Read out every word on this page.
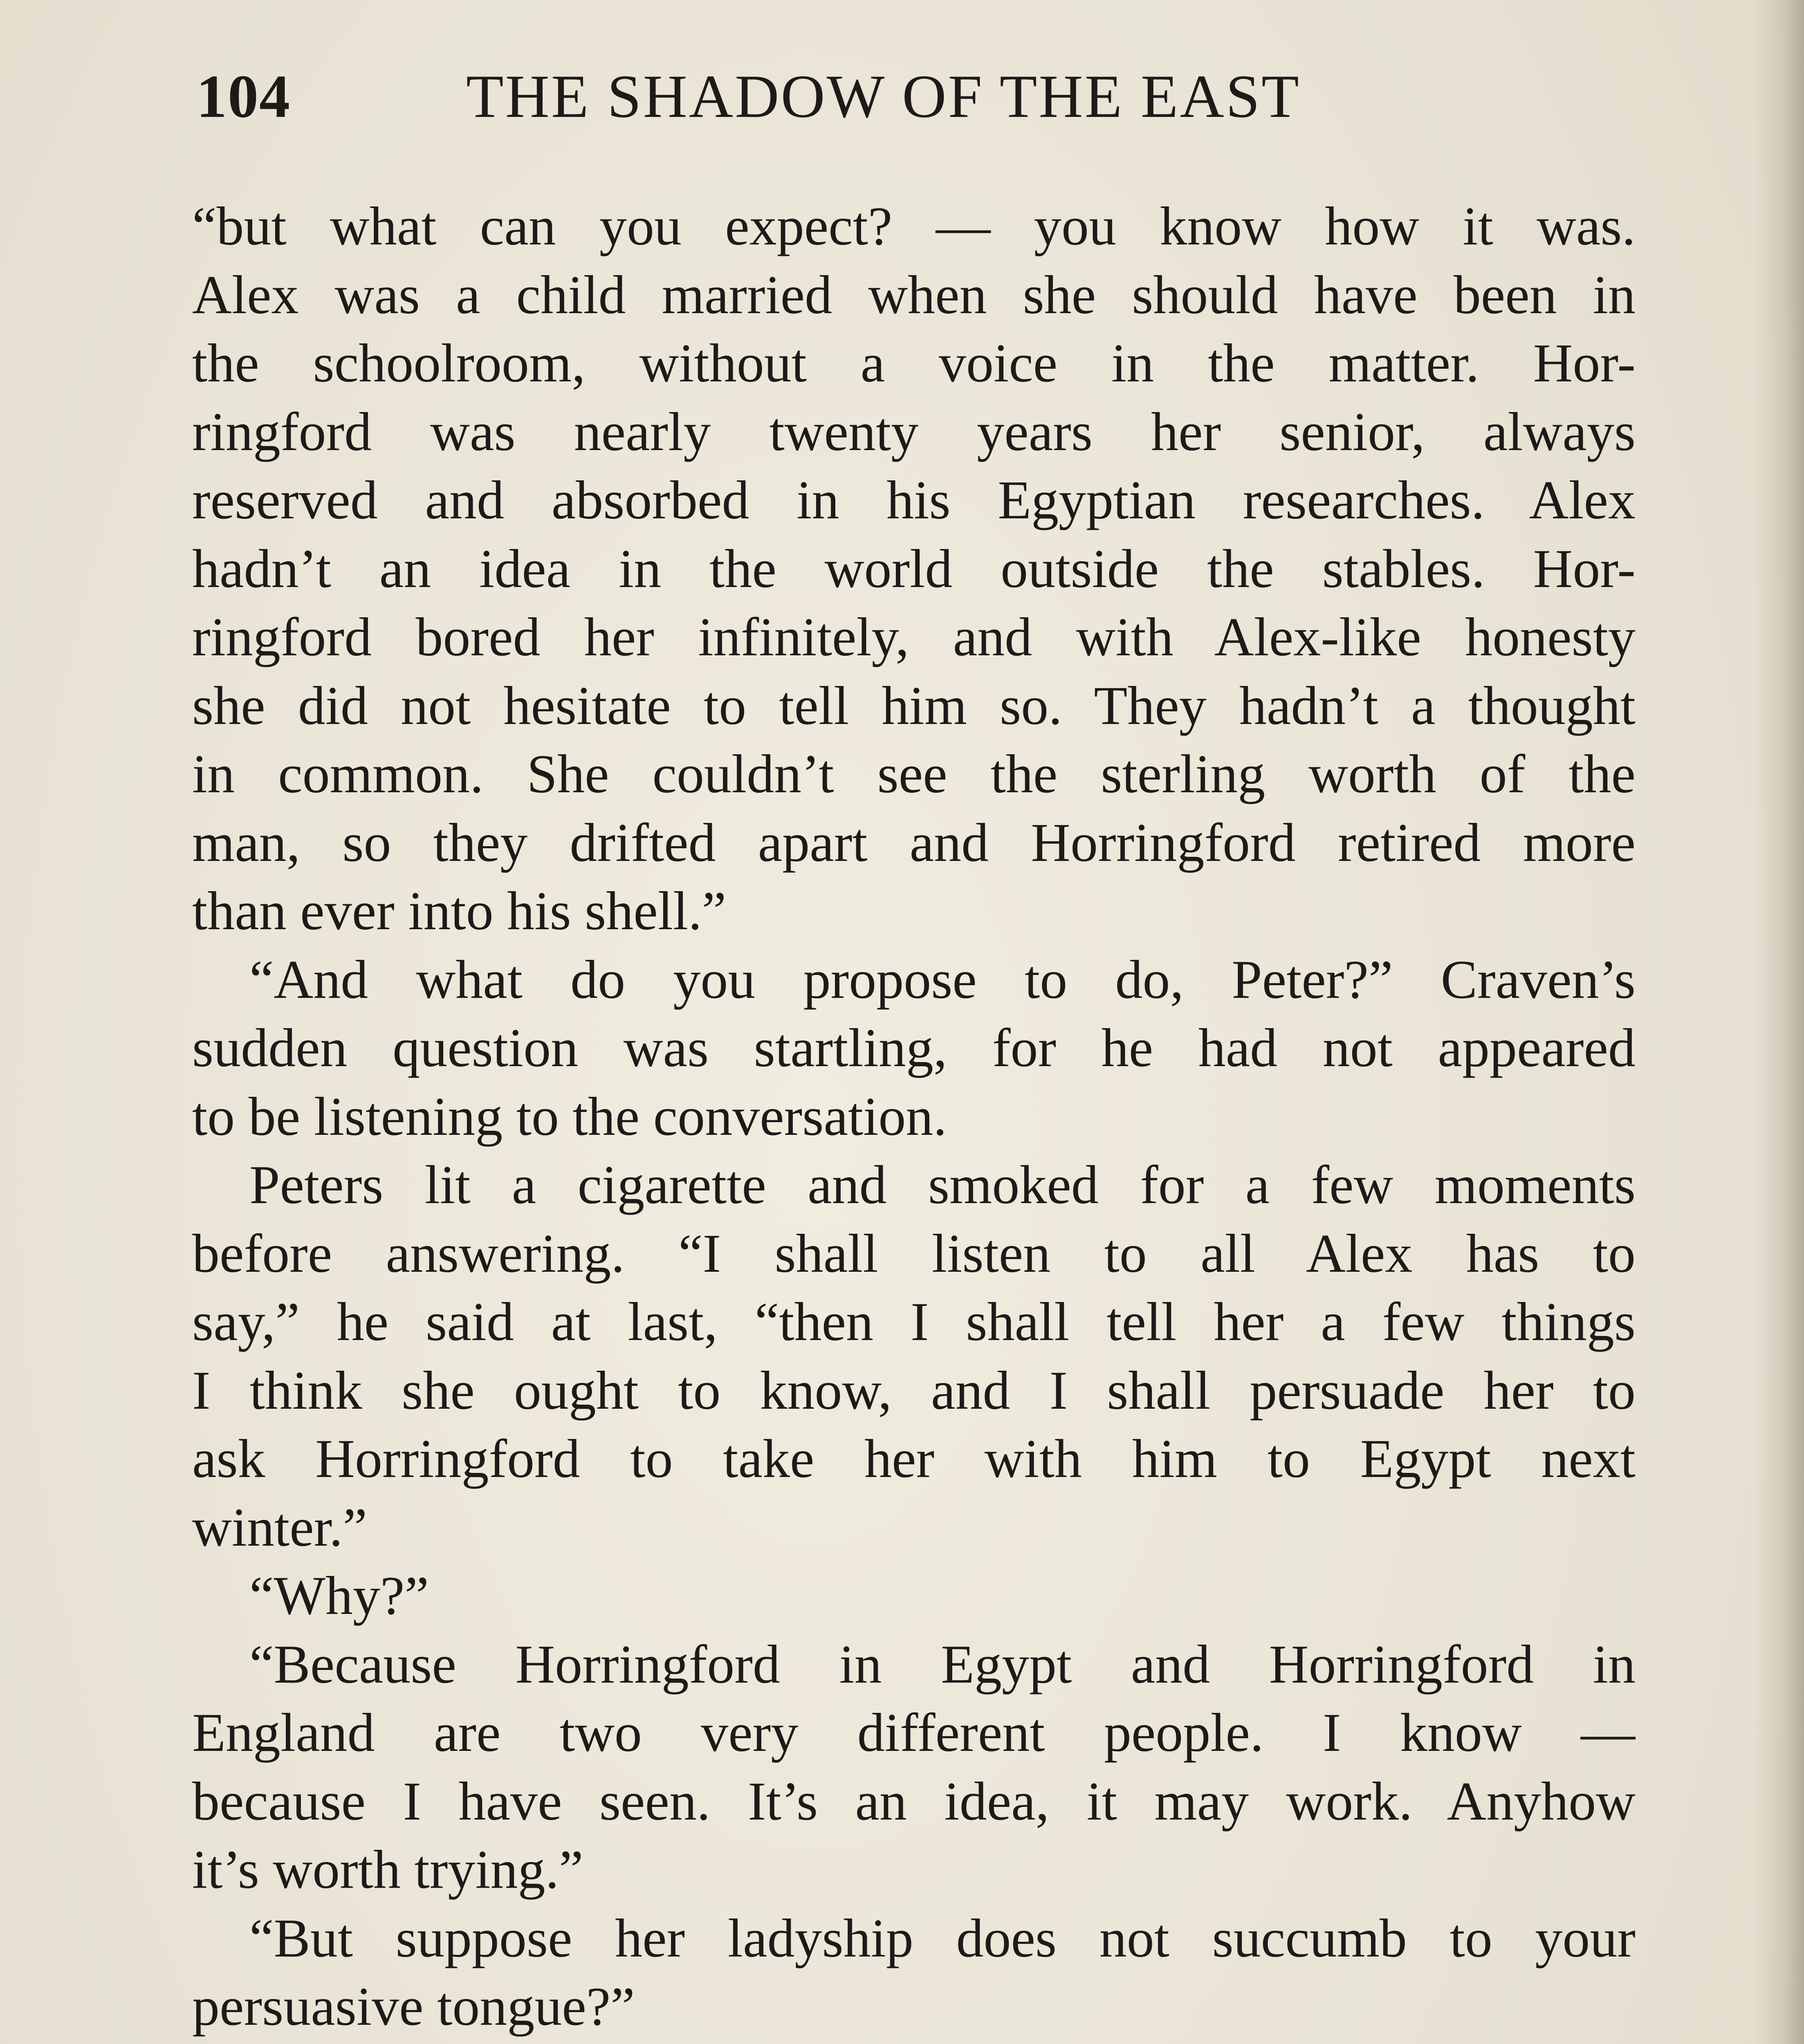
104	THE SHADOW OF THE EAST
“but what can you expect? — you know how it was.
Alex was a child married when she should have been in
the schoolroom, without a voice in the matter. Hor-
ringford was nearly twenty years her senior, always
reserved and absorbed in his Egyptian researches. Alex
hadn’t an idea in the world outside the stables. Hor-
ringford bored her infinitely, and with Alex-like honesty
she did not hesitate to tell him so. They hadn’t a thought
in common. She couldn’t see the sterling worth of the
man, so they drifted apart and Horringford retired more
than ever into his shell.”
“And what do you propose to do, Peter?” Craven’s
sudden question was startling, for he had not appeared
to be listening to the conversation.
Peters lit a cigarette and smoked for a few moments
before answering. “I shall listen to all Alex has to
say,” he said at last, “then I shall tell her a few things
I think she ought to know, and I shall persuade her to
ask Horringford to take her with him to Egypt next
winter.”
“Why?”
“Because Horringford in Egypt and Horringford in
England are two very different people. I know —
because I have seen. It’s an idea, it may work. Anyhow
it’s worth trying.”
“But suppose her ladyship does not succumb to your
persuasive tongue?”
